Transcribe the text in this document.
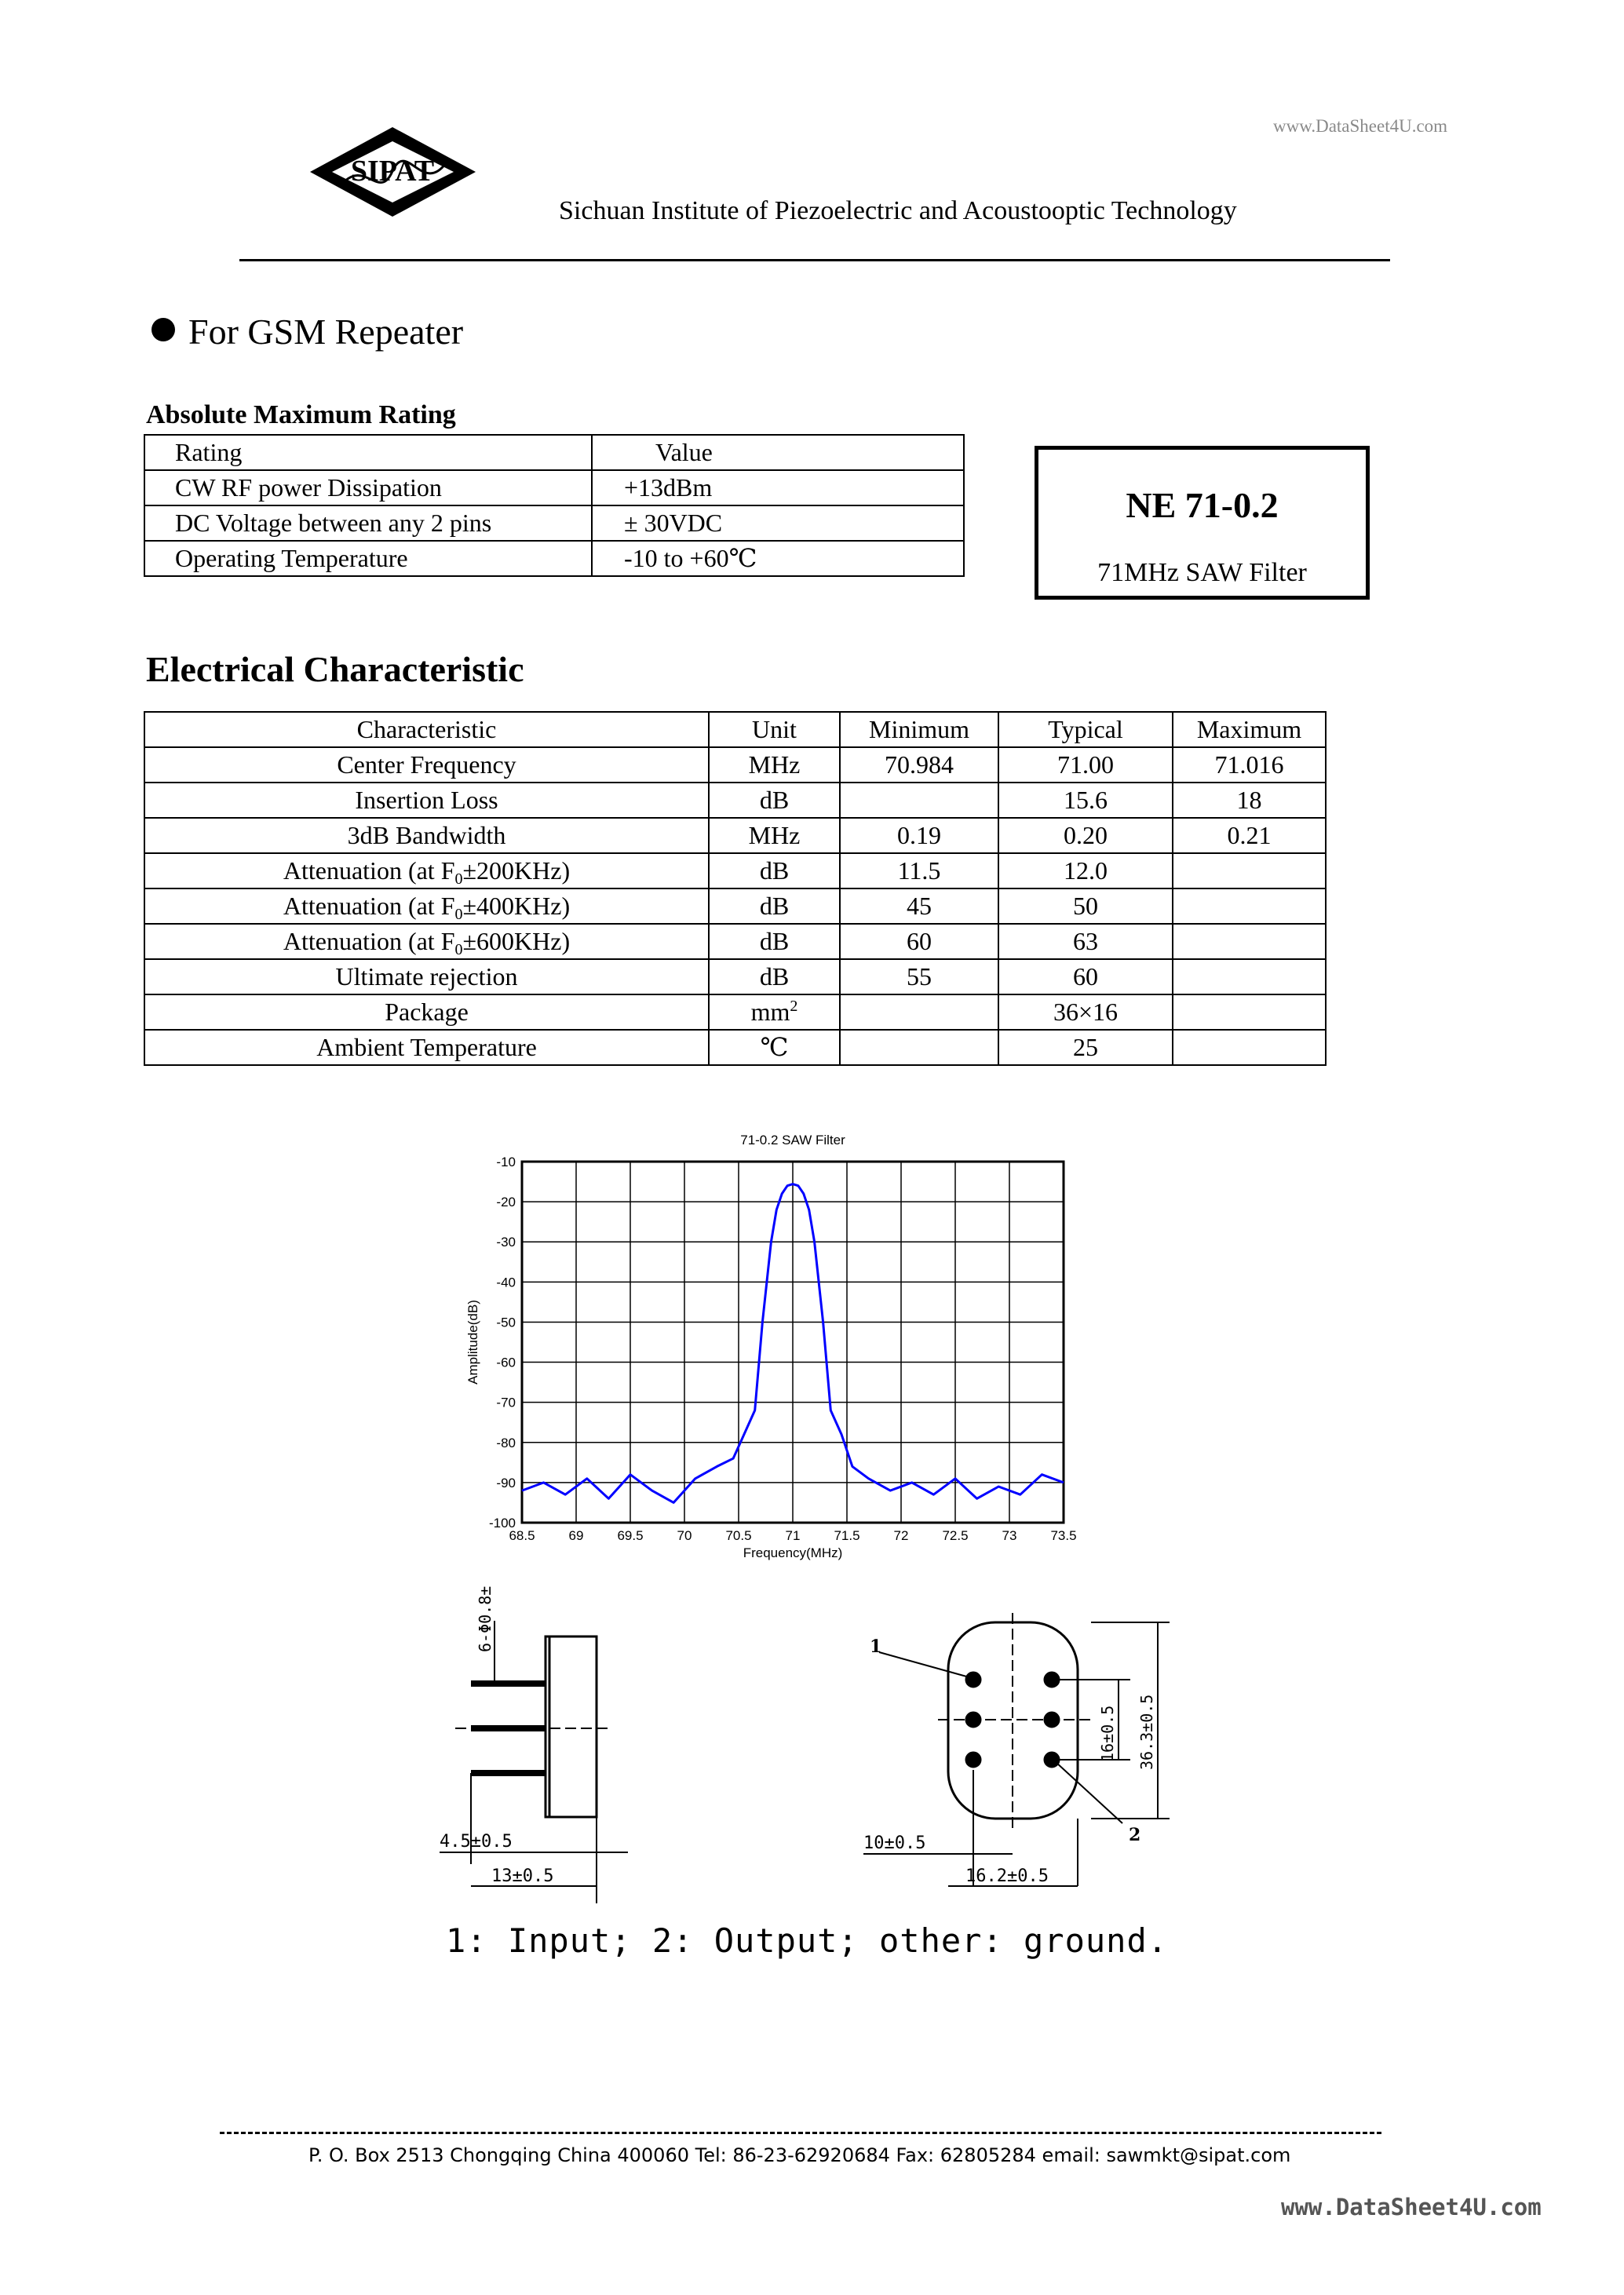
www.DataSheet4U.com
SIPAT
Sichuan Institute of Piezoelectric and Acoustooptic Technology
For GSM Repeater
Absolute Maximum Rating
Rating	Value
CW RF power Dissipation	+13dBm
DC Voltage between any 2 pins	± 30VDC
Operating Temperature	-10 to +60℃
NE 71-0.2
71MHz SAW Filter
Electrical Characteristic
Characteristic	Unit	Minimum	Typical	Maximum
Center Frequency	MHz	70.984	71.00	71.016
Insertion Loss	dB		15.6	18
3dB Bandwidth	MHz	0.19	0.20	0.21
Attenuation (at $F_0\pm 200KHz$)	dB	11.5	12.0	
Attenuation (at $F_0\pm 400KHz$)	dB	45	50	
Attenuation (at $F_0\pm 600KHz$)	dB	60	63	
Ultimate rejection	dB	55	60	
Package	$mm^2$		36×16	
Ambient Temperature	℃		25	
71-0.2 SAW Filter
68.5	69	69.5	70	70.5	71	71.5	72	72.5	73	73.5
-10
-20
-30
-40
-50
-60
-70
-80
-90
-100
Frequency(MHz)
Amplitude(dB)
6-Φ0.8±
4.5±0.5
13±0.5
1
2
10±0.5
16.2±0.5
16±0.5 36.3±0.5
1: Input; 2: Output; other: ground.
P. O. Box 2513 Chongqing China 400060 Tel: 86-23-62920684 Fax: 62805284 email: sawmkt@sipat.com
www.DataSheet4U.com
